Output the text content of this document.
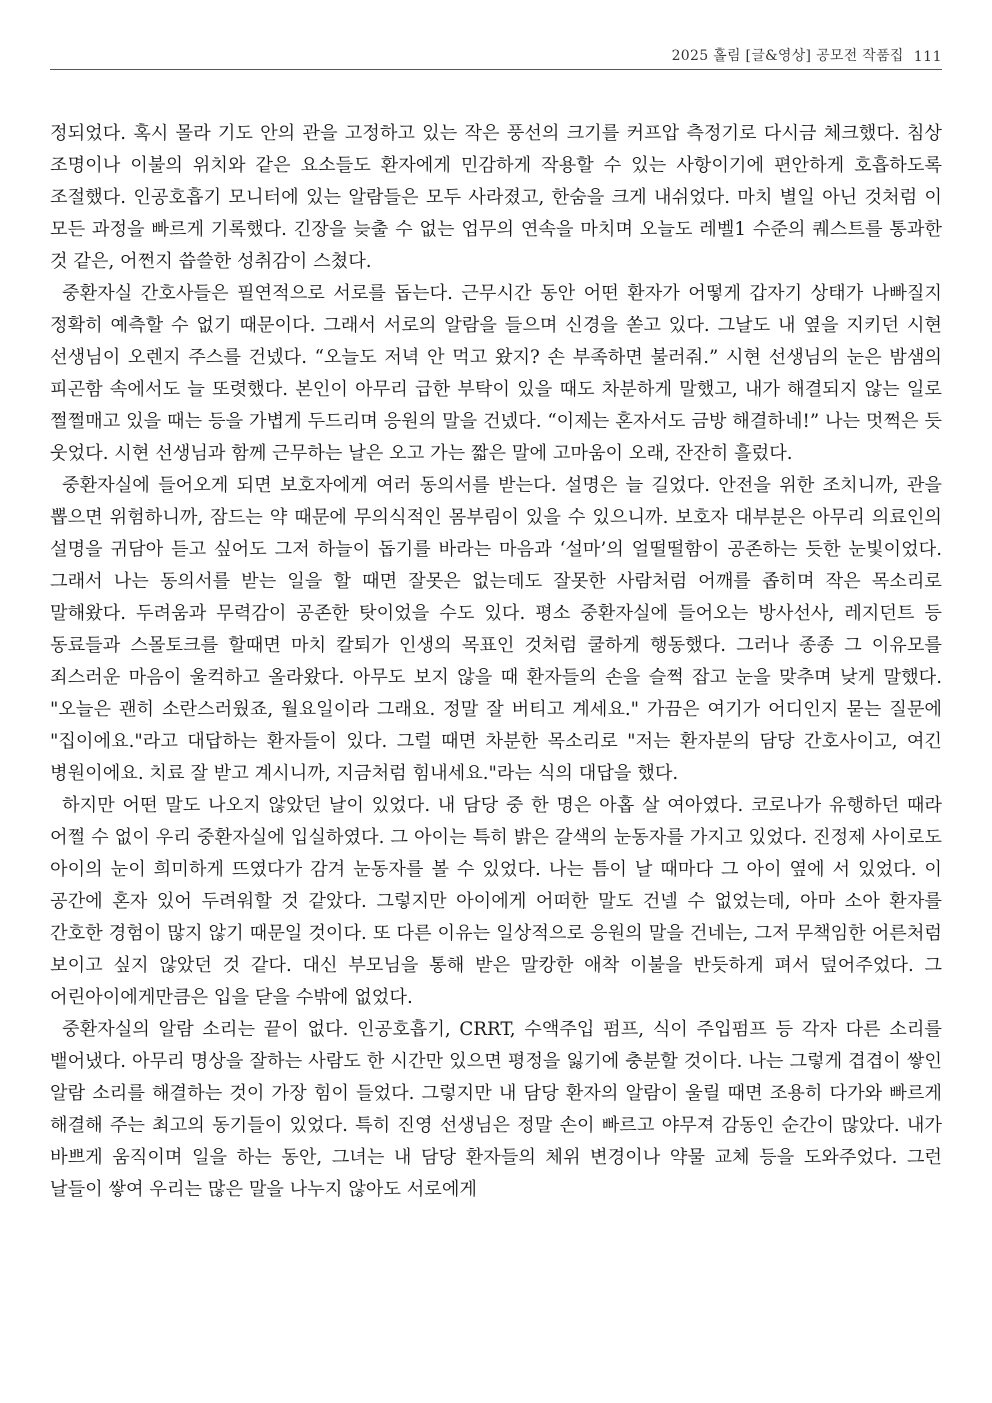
2025 홀림 [글&영상] 공모전 작품집 111

정되었다. 혹시 몰라 기도 안의 관을 고정하고 있는 작은 풍선의 크기를 커프압 측정기로 다시금 체크했다. 침상 조명이나 이불의 위치와 같은 요소들도 환자에게 민감하게 작용할 수 있는 사항이기에 편안하게 호흡하도록 조절했다. 인공호흡기 모니터에 있는 알람들은 모두 사라졌고, 한숨을 크게 내쉬었다. 마치 별일 아닌 것처럼 이 모든 과정을 빠르게 기록했다. 긴장을 늦출 수 없는 업무의 연속을 마치며 오늘도 레벨1 수준의 퀘스트를 통과한 것 같은, 어쩐지 씁쓸한 성취감이 스쳤다.

중환자실 간호사들은 필연적으로 서로를 돕는다. 근무시간 동안 어떤 환자가 어떻게 갑자기 상태가 나빠질지 정확히 예측할 수 없기 때문이다. 그래서 서로의 알람을 들으며 신경을 쏟고 있다. 그날도 내 옆을 지키던 시현 선생님이 오렌지 주스를 건넸다. “오늘도 저녁 안 먹고 왔지? 손 부족하면 불러줘.” 시현 선생님의 눈은 밤샘의 피곤함 속에서도 늘 또렷했다. 본인이 아무리 급한 부탁이 있을 때도 차분하게 말했고, 내가 해결되지 않는 일로 쩔쩔매고 있을 때는 등을 가볍게 두드리며 응원의 말을 건넸다. “이제는 혼자서도 금방 해결하네!” 나는 멋쩍은 듯 웃었다. 시현 선생님과 함께 근무하는 날은 오고 가는 짧은 말에 고마움이 오래, 잔잔히 흘렀다.

중환자실에 들어오게 되면 보호자에게 여러 동의서를 받는다. 설명은 늘 길었다. 안전을 위한 조치니까, 관을 뽑으면 위험하니까, 잠드는 약 때문에 무의식적인 몸부림이 있을 수 있으니까. 보호자 대부분은 아무리 의료인의 설명을 귀담아 듣고 싶어도 그저 하늘이 돕기를 바라는 마음과 ‘설마’의 얼떨떨함이 공존하는 듯한 눈빛이었다. 그래서 나는 동의서를 받는 일을 할 때면 잘못은 없는데도 잘못한 사람처럼 어깨를 좁히며 작은 목소리로 말해왔다. 두려움과 무력감이 공존한 탓이었을 수도 있다. 평소 중환자실에 들어오는 방사선사, 레지던트 등 동료들과 스몰토크를 할때면 마치 칼퇴가 인생의 목표인 것처럼 쿨하게 행동했다. 그러나 종종 그 이유모를 죄스러운 마음이 울컥하고 올라왔다. 아무도 보지 않을 때 환자들의 손을 슬쩍 잡고 눈을 맞추며 낮게 말했다. "오늘은 괜히 소란스러웠죠, 월요일이라 그래요. 정말 잘 버티고 계세요." 가끔은 여기가 어디인지 묻는 질문에 "집이에요."라고 대답하는 환자들이 있다. 그럴 때면 차분한 목소리로 "저는 환자분의 담당 간호사이고, 여긴 병원이에요. 치료 잘 받고 계시니까, 지금처럼 힘내세요."라는 식의 대답을 했다.

하지만 어떤 말도 나오지 않았던 날이 있었다. 내 담당 중 한 명은 아홉 살 여아였다. 코로나가 유행하던 때라 어쩔 수 없이 우리 중환자실에 입실하였다. 그 아이는 특히 밝은 갈색의 눈동자를 가지고 있었다. 진정제 사이로도 아이의 눈이 희미하게 뜨였다가 감겨 눈동자를 볼 수 있었다. 나는 틈이 날 때마다 그 아이 옆에 서 있었다. 이 공간에 혼자 있어 두려워할 것 같았다. 그렇지만 아이에게 어떠한 말도 건넬 수 없었는데, 아마 소아 환자를 간호한 경험이 많지 않기 때문일 것이다. 또 다른 이유는 일상적으로 응원의 말을 건네는, 그저 무책임한 어른처럼 보이고 싶지 않았던 것 같다. 대신 부모님을 통해 받은 말캉한 애착 이불을 반듯하게 펴서 덮어주었다. 그 어린아이에게만큼은 입을 닫을 수밖에 없었다.

중환자실의 알람 소리는 끝이 없다. 인공호흡기, CRRT, 수액주입 펌프, 식이 주입펌프 등 각자 다른 소리를 뱉어냈다. 아무리 명상을 잘하는 사람도 한 시간만 있으면 평정을 잃기에 충분할 것이다. 나는 그렇게 겹겹이 쌓인 알람 소리를 해결하는 것이 가장 힘이 들었다. 그렇지만 내 담당 환자의 알람이 울릴 때면 조용히 다가와 빠르게 해결해 주는 최고의 동기들이 있었다. 특히 진영 선생님은 정말 손이 빠르고 야무져 감동인 순간이 많았다. 내가 바쁘게 움직이며 일을 하는 동안, 그녀는 내 담당 환자들의 체위 변경이나 약물 교체 등을 도와주었다. 그런 날들이 쌓여 우리는 많은 말을 나누지 않아도 서로에게
